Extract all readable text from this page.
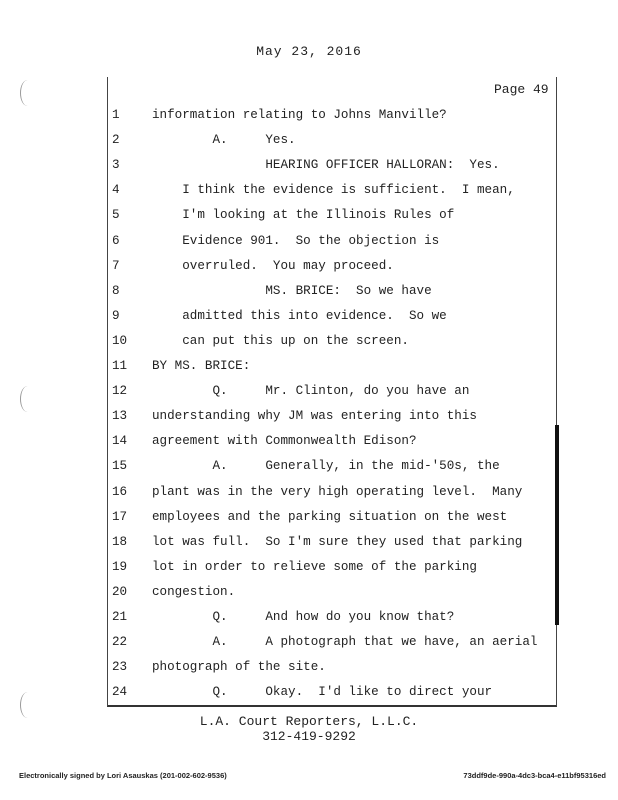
May 23, 2016
Page 49
1	information relating to Johns Manville?
2	A.     Yes.
3	HEARING OFFICER HALLORAN:  Yes.
4	I think the evidence is sufficient.  I mean,
5	I'm looking at the Illinois Rules of
6	Evidence 901.  So the objection is
7	overruled.  You may proceed.
8	MS. BRICE:  So we have
9	admitted this into evidence.  So we
10	can put this up on the screen.
11	BY MS. BRICE:
12	Q.     Mr. Clinton, do you have an
13	understanding why JM was entering into this
14	agreement with Commonwealth Edison?
15	A.     Generally, in the mid-'50s, the
16	plant was in the very high operating level.  Many
17	employees and the parking situation on the west
18	lot was full.  So I'm sure they used that parking
19	lot in order to relieve some of the parking
20	congestion.
21	Q.     And how do you know that?
22	A.     A photograph that we have, an aerial
23	photograph of the site.
24	Q.     Okay.  I'd like to direct your
L.A. Court Reporters, L.L.C.
312-419-9292
Electronically signed by Lori Asauskas (201-002-602-9536)	73ddf9de-990a-4dc3-bca4-e11bf95316ed
